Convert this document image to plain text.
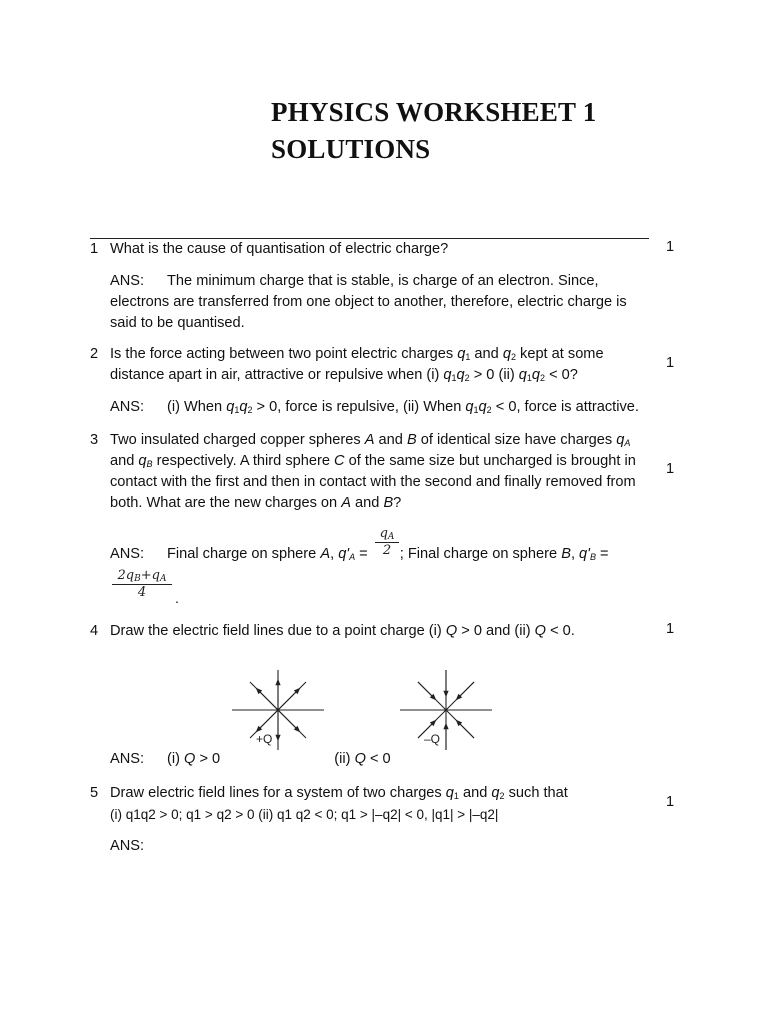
PHYSICS WORKSHEET 1
SOLUTIONS
1 What is the cause of quantisation of electric charge?	1
ANS: The minimum charge that is stable, is charge of an electron. Since, electrons are transferred from one object to another, therefore, electric charge is said to be quantised.
2 Is the force acting between two point electric charges $q_1$ and $q_2$ kept at some distance apart in air, attractive or repulsive when (i) $q_1q_2 > 0$ (ii) $q_1q_2 < 0$?
1
ANS: (i) When $q_1q_2 > 0$, force is repulsive, (ii) When $q_1q_2 < 0$, force is attractive.
3 Two insulated charged copper spheres A and B of identical size have charges $q_A$ and $q_B$ respectively. A third sphere C of the same size but uncharged is brought in contact with the first and then in contact with the second and finally removed from both. What are the new charges on A and B?
1
$q_A$
2
ANS: Final charge on sphere A, $q'_A$ = ; Final charge on sphere B, $q'_B$ =
$2q_B+q_A$
4	.
4 Draw the electric field lines due to a point charge (i) Q > 0 and (ii) Q < 0.	1
+Q	–Q
ANS: (i) Q > 0	(ii) Q < 0
5 Draw electric field lines for a system of two charges $q_1$ and $q_2$ such that
(i) q1q2 > 0; q1 > q2 > 0 (ii) q1 q2 < 0; q1 > |–q2| < 0, |q1| > |–q2|
1
ANS:
